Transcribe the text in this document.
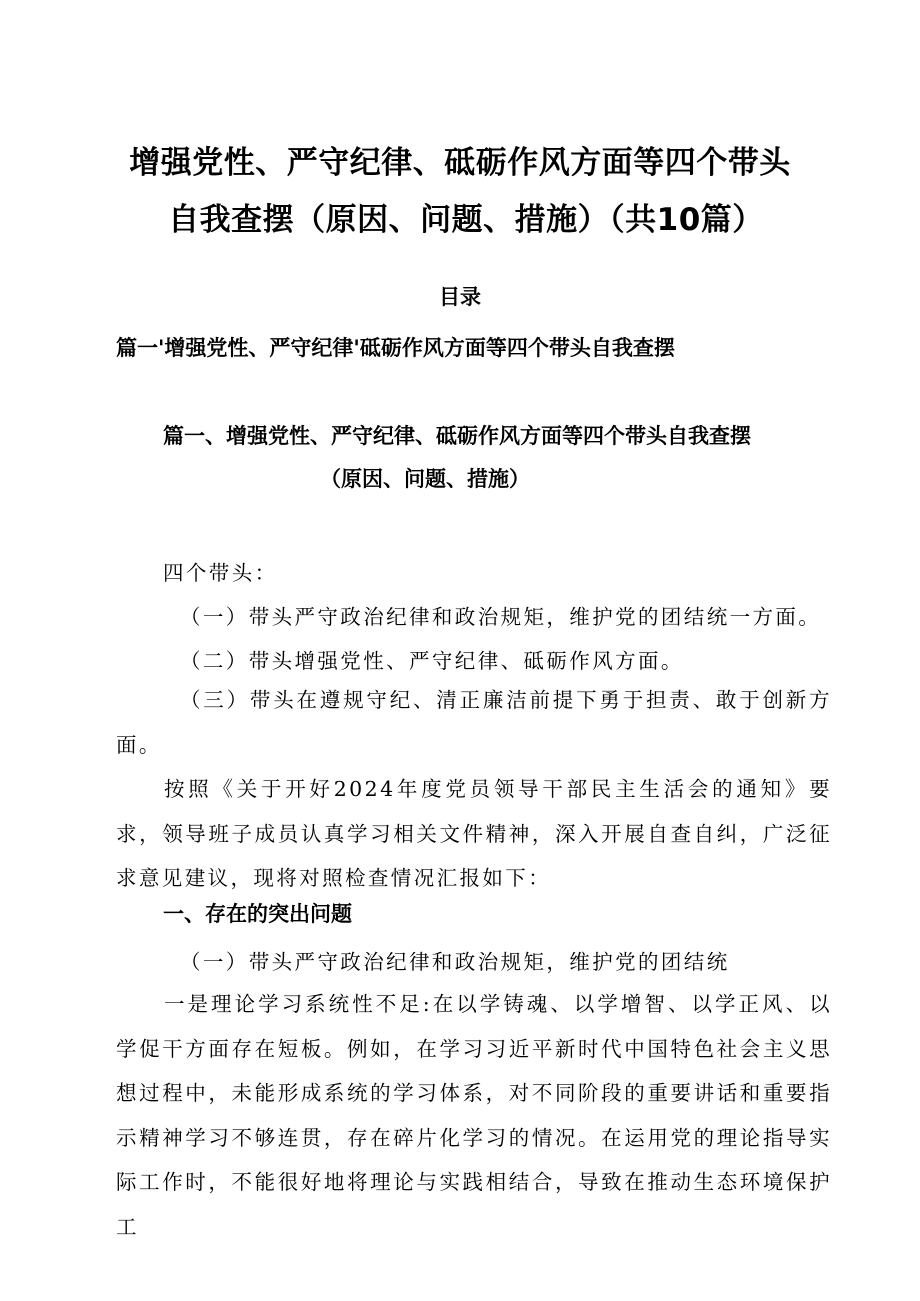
增强党性、严守纪律、砥砺作风方面等四个带头
自我查摆（原因、问题、措施）（共10篇）
目录
篇一'增强党性、严守纪律'砥砺作风方面等四个带头自我查摆
篇一、增强党性、严守纪律、砥砺作风方面等四个带头自我查摆
（原因、问题、措施）
四个带头：
（一）带头严守政治纪律和政治规矩，维护党的团结统一方面。
（二）带头增强党性、严守纪律、砥砺作风方面。
（三）带头在遵规守纪、清正廉洁前提下勇于担责、敢于创新方面。
按照《关于开好2024年度党员领导干部民主生活会的通知》要求，领导班子成员认真学习相关文件精神，深入开展自查自纠，广泛征求意见建议，现将对照检查情况汇报如下：
一、存在的突出问题
（一）带头严守政治纪律和政治规矩，维护党的团结统
一是理论学习系统性不足:在以学铸魂、以学增智、以学正风、以学促干方面存在短板。例如，在学习习近平新时代中国特色社会主义思想过程中，未能形成系统的学习体系，对不同阶段的重要讲话和重要指示精神学习不够连贯，存在碎片化学习的情况。在运用党的理论指导实际工作时，不能很好地将理论与实践相结合，导致在推动生态环境保护工
